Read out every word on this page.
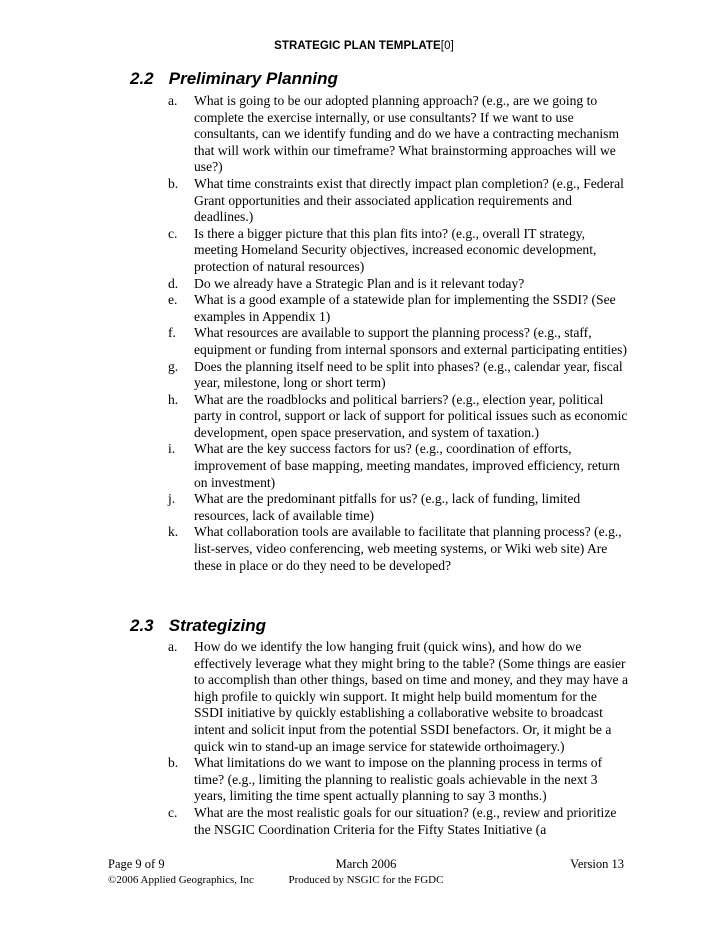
STRATEGIC PLAN TEMPLATE[0]
2.2 Preliminary Planning
a. What is going to be our adopted planning approach? (e.g., are we going to complete the exercise internally, or use consultants? If we want to use consultants, can we identify funding and do we have a contracting mechanism that will work within our timeframe? What brainstorming approaches will we use?)
b. What time constraints exist that directly impact plan completion? (e.g., Federal Grant opportunities and their associated application requirements and deadlines.)
c. Is there a bigger picture that this plan fits into? (e.g., overall IT strategy, meeting Homeland Security objectives, increased economic development, protection of natural resources)
d. Do we already have a Strategic Plan and is it relevant today?
e. What is a good example of a statewide plan for implementing the SSDI? (See examples in Appendix 1)
f. What resources are available to support the planning process? (e.g., staff, equipment or funding from internal sponsors and external participating entities)
g. Does the planning itself need to be split into phases? (e.g., calendar year, fiscal year, milestone, long or short term)
h. What are the roadblocks and political barriers? (e.g., election year, political party in control, support or lack of support for political issues such as economic development, open space preservation, and system of taxation.)
i. What are the key success factors for us? (e.g., coordination of efforts, improvement of base mapping, meeting mandates, improved efficiency, return on investment)
j. What are the predominant pitfalls for us? (e.g., lack of funding, limited resources, lack of available time)
k. What collaboration tools are available to facilitate that planning process? (e.g., list-serves, video conferencing, web meeting systems, or Wiki web site) Are these in place or do they need to be developed?
2.3 Strategizing
a. How do we identify the low hanging fruit (quick wins), and how do we effectively leverage what they might bring to the table? (Some things are easier to accomplish than other things, based on time and money, and they may have a high profile to quickly win support. It might help build momentum for the SSDI initiative by quickly establishing a collaborative website to broadcast intent and solicit input from the potential SSDI benefactors. Or, it might be a quick win to stand-up an image service for statewide orthoimagery.)
b. What limitations do we want to impose on the planning process in terms of time? (e.g., limiting the planning to realistic goals achievable in the next 3 years, limiting the time spent actually planning to say 3 months.)
c. What are the most realistic goals for our situation? (e.g., review and prioritize the NSGIC Coordination Criteria for the Fifty States Initiative (a
Page 9 of 9	March 2006	Version 13
©2006 Applied Geographics, Inc	Produced by NSGIC for the FGDC
